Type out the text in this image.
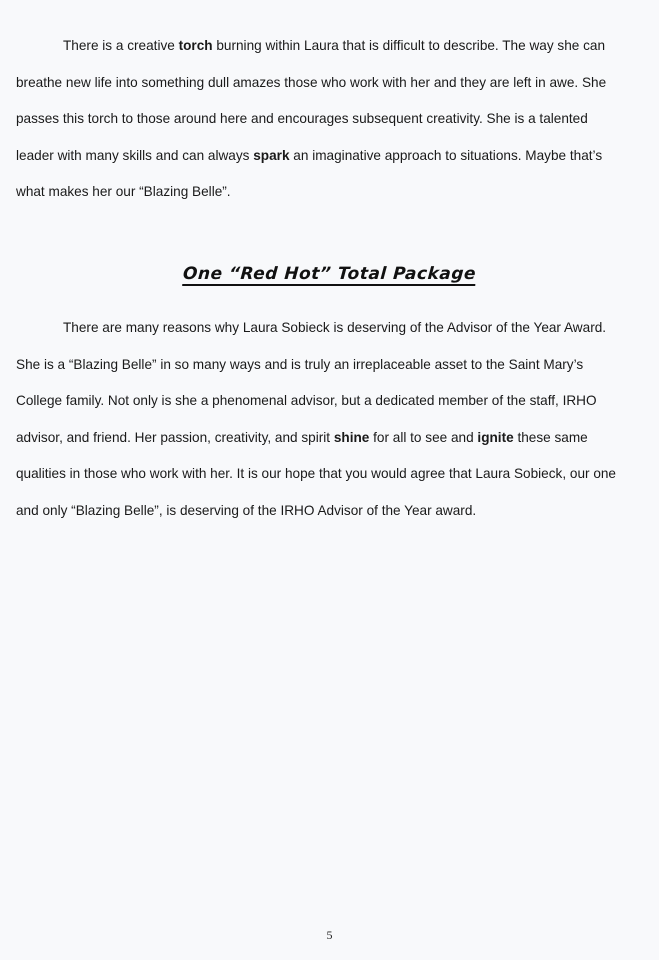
There is a creative torch burning within Laura that is difficult to describe. The way she can breathe new life into something dull amazes those who work with her and they are left in awe. She passes this torch to those around here and encourages subsequent creativity. She is a talented leader with many skills and can always spark an imaginative approach to situations. Maybe that’s what makes her our “Blazing Belle”.

One “Red Hot” Total Package

There are many reasons why Laura Sobieck is deserving of the Advisor of the Year Award. She is a “Blazing Belle” in so many ways and is truly an irreplaceable asset to the Saint Mary’s College family. Not only is she a phenomenal advisor, but a dedicated member of the staff, IRHO advisor, and friend. Her passion, creativity, and spirit shine for all to see and ignite these same qualities in those who work with her. It is our hope that you would agree that Laura Sobieck, our one and only “Blazing Belle”, is deserving of the IRHO Advisor of the Year award.

5
